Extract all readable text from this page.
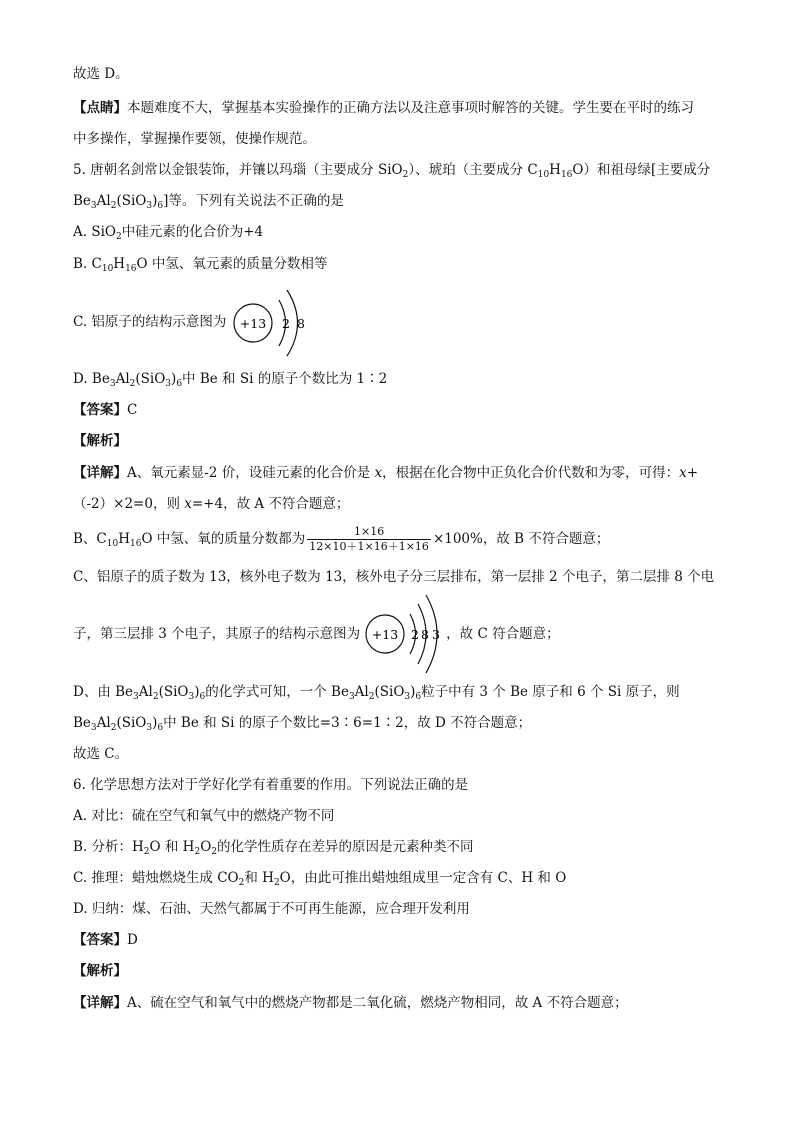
故选 D。
【点睛】本题难度不大，掌握基本实验操作的正确方法以及注意事项时解答的关键。学生要在平时的练习
中多操作，掌握操作要领，使操作规范。
5. 唐朝名剑常以金银装饰，并镶以玛瑙（主要成分 SiO$_2$）、琥珀（主要成分 $C_{10}H_{16}O$）和祖母绿[主要成分
$Be_3Al_2(SiO_3)_6$]等。下列有关说法不正确的是
A. SiO$_2$中硅元素的化合价为+4
B. $C_{10}H_{16}O$ 中氢、氧元素的质量分数相等
C. 铝原子的结构示意图为 +13 2 8
D. $Be_3Al_2(SiO_3)_6$中 Be 和 Si 的原子个数比为 1∶2
【答案】C
【解析】
【详解】A、氧元素显-2 价，设硅元素的化合价是 x，根据在化合物中正负化合价代数和为零，可得：x+
（-2）×2=0，则 x=+4，故 A 不符合题意；
B、$C_{10}H_{16}O$ 中氢、氧的质量分数都为 $\frac{1\times 16}{12\times 10+1\times 16+1\times 16} \times 100\%$，故 B 不符合题意；
C、铝原子的质子数为 13，核外电子数为 13，核外电子分三层排布，第一层排 2 个电子，第二层排 8 个电
子，第三层排 3 个电子，其原子的结构示意图为	，故 C 符合题意；
+13 2 8 3
D、由 $Be_3Al_2(SiO_3)_6$的化学式可知，一个 $Be_3Al_2(SiO_3)_6$粒子中有 3 个 Be 原子和 6 个 Si 原子，则
$Be_3Al_2(SiO_3)_6$中 Be 和 Si 的原子个数比=3∶6=1∶2，故 D 不符合题意；
故选 C。
6. 化学思想方法对于学好化学有着重要的作用。下列说法正确的是
A. 对比：硫在空气和氧气中的燃烧产物不同
B. 分析：$H_2O$ 和 $H_2O_2$的化学性质存在差异的原因是元素种类不同
C. 推理：蜡烛燃烧生成 $CO_2$和 $H_2O$，由此可推出蜡烛组成里一定含有 C、H 和 O
D. 归纳：煤、石油、天然气都属于不可再生能源，应合理开发利用
【答案】D
【解析】
【详解】A、硫在空气和氧气中的燃烧产物都是二氧化硫，燃烧产物相同，故 A 不符合题意；
